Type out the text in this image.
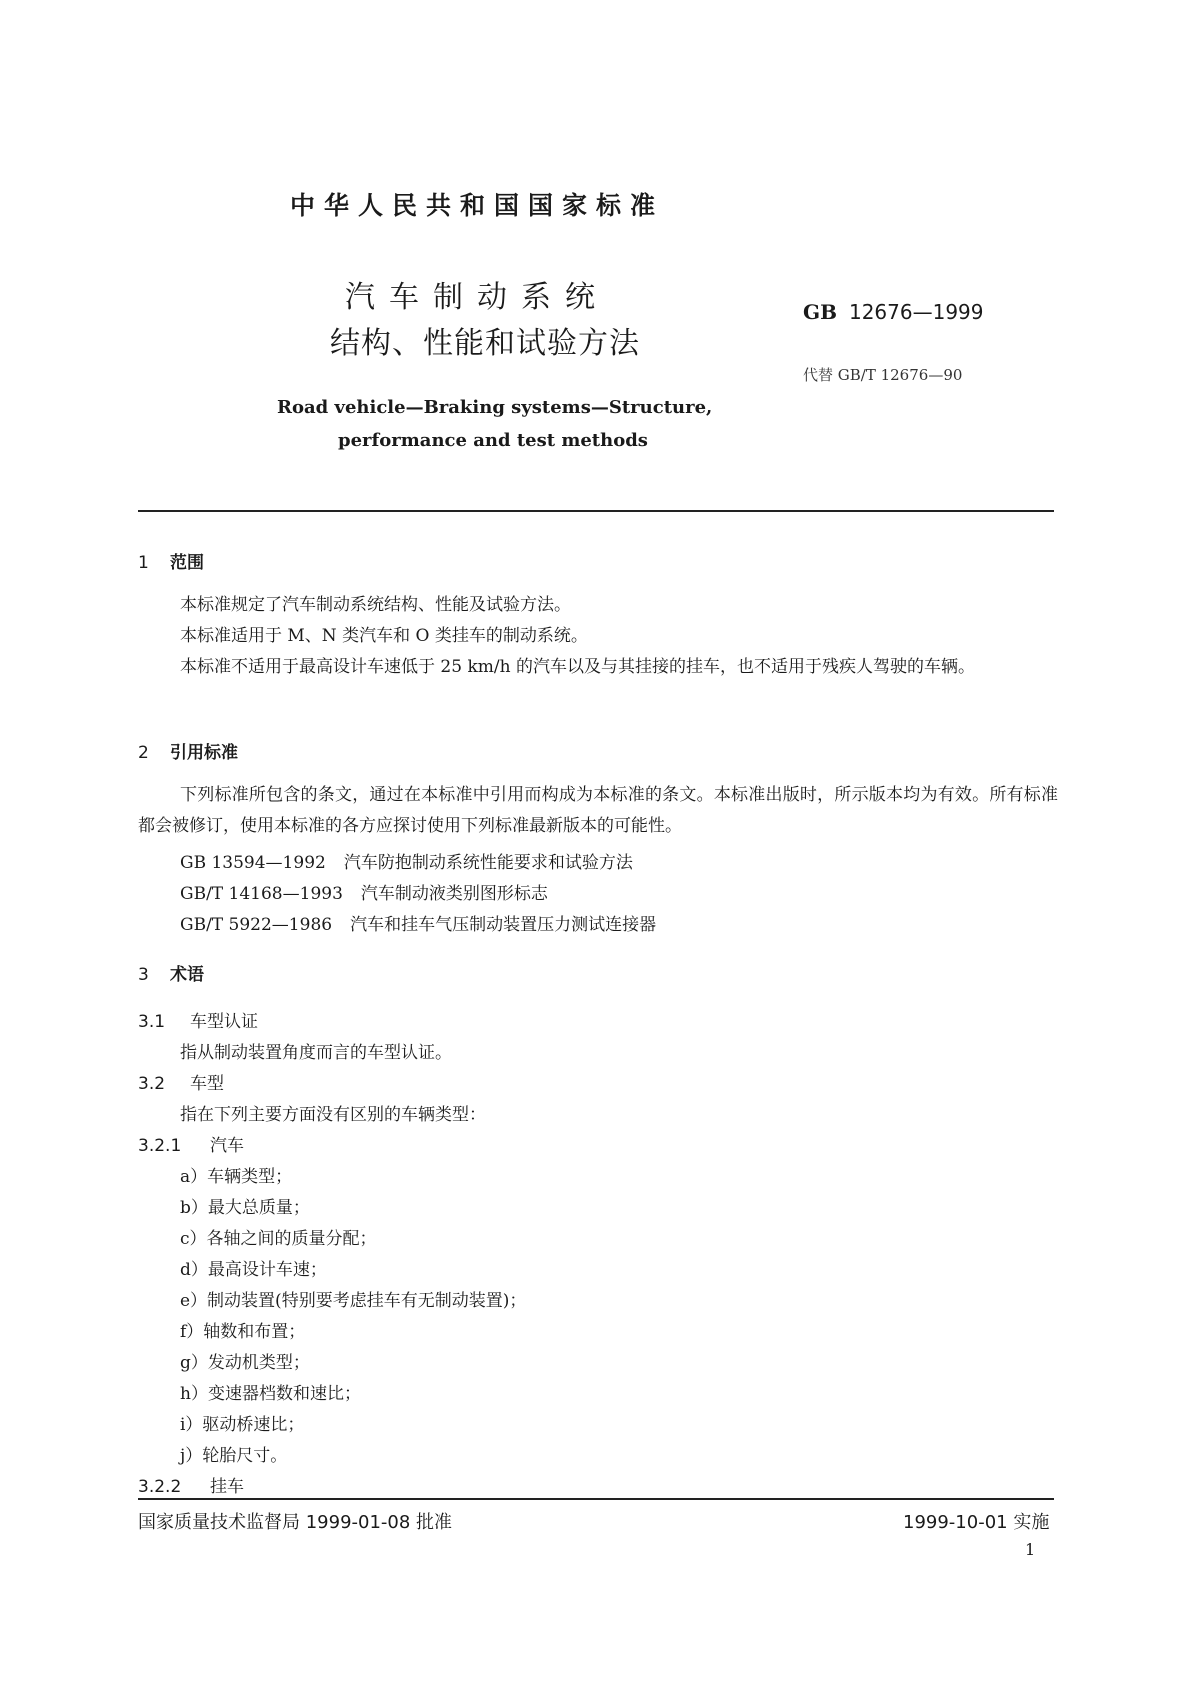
中华人民共和国国家标准

汽车制动系统

结构、性能和试验方法

GB 12676—1999

代替 GB/T 12676—90

Road vehicle—Braking systems—Structure,

performance and test methods

1 范围

本标准规定了汽车制动系统结构、性能及试验方法。

本标准适用于 M、N 类汽车和 O 类挂车的制动系统。

本标准不适用于最高设计车速低于 25 km/h 的汽车以及与其挂接的挂车，也不适用于残疾人驾驶的车辆。

2 引用标准

下列标准所包含的条文，通过在本标准中引用而构成为本标准的条文。本标准出版时，所示版本均为有效。所有标准都会被修订，使用本标准的各方应探讨使用下列标准最新版本的可能性。

GB 13594—1992 汽车防抱制动系统性能要求和试验方法

GB/T 14168—1993 汽车制动液类别图形标志

GB/T 5922—1986 汽车和挂车气压制动装置压力测试连接器

3 术语

3.1 车型认证

指从制动装置角度而言的车型认证。

3.2 车型

指在下列主要方面没有区别的车辆类型：

3.2.1 汽车

a）车辆类型；

b）最大总质量；

c）各轴之间的质量分配；

d）最高设计车速；

e）制动装置(特别要考虑挂车有无制动装置)；

f）轴数和布置；

g）发动机类型；

h）变速器档数和速比；

i）驱动桥速比；

j）轮胎尺寸。

3.2.2 挂车

国家质量技术监督局 1999-01-08 批准	1999-10-01 实施

1
